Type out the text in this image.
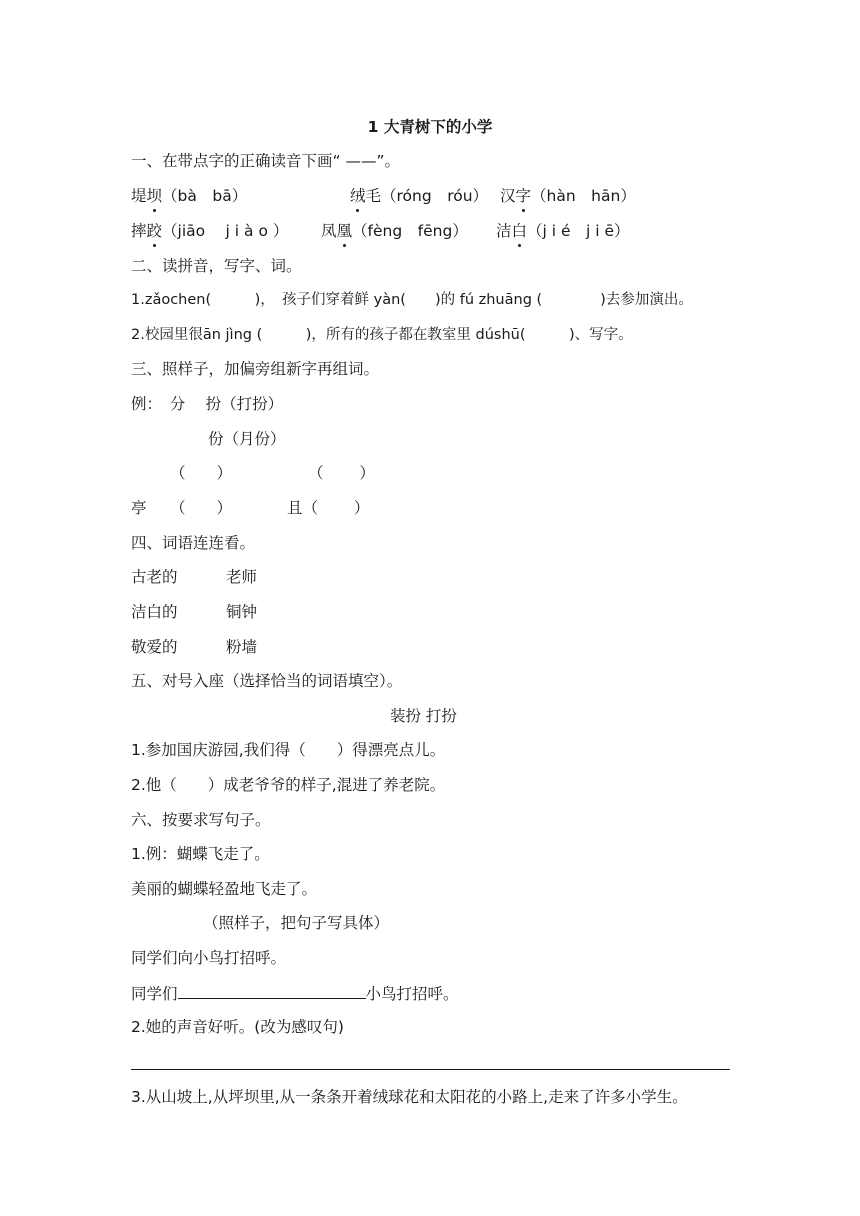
1 大青树下的小学
一、在带点字的正确读音下画“ ——”。
堤坝（bà　bā）	绒毛（róng　róu） 汉字（hàn　hān）
摔跤（jiāo　 j i à o ） 凤凰（fèng　fēng） 洁白（j i é　j i ē）
二、读拼音，写字、词。
1.zǎochen(　　　)，　孩子们穿着鲜 yàn(　　)的 fú zhuāng (　　　　)去参加演出。
2.校园里很ān jìng (　　　)，所有的孩子都在教室里 dúshū(　　　)、写字。
三、照样子，加偏旁组新字再组词。
例：　分　 扮（打扮）
份（月份）
（　　）	（　　 ）
亭 （　　）	且（　　 ）
四、词语连连看。
古老的	老师
洁白的	铜钟
敬爱的	粉墙
五、对号入座（选择恰当的词语填空）。
装扮 打扮
1.参加国庆游园,我们得（　　）得漂亮点儿。
2.他（　　）成老爷爷的样子,混进了养老院。
六、按要求写句子。
1.例：蝴蝶飞走了。
美丽的蝴蝶轻盈地飞走了。
（照样子，把句子写具体）
同学们向小鸟打招呼。
同学们	小鸟打招呼。
2.她的声音好听。(改为感叹句)
3.从山坡上,从坪坝里,从一条条开着绒球花和太阳花的小路上,走来了许多小学生。
